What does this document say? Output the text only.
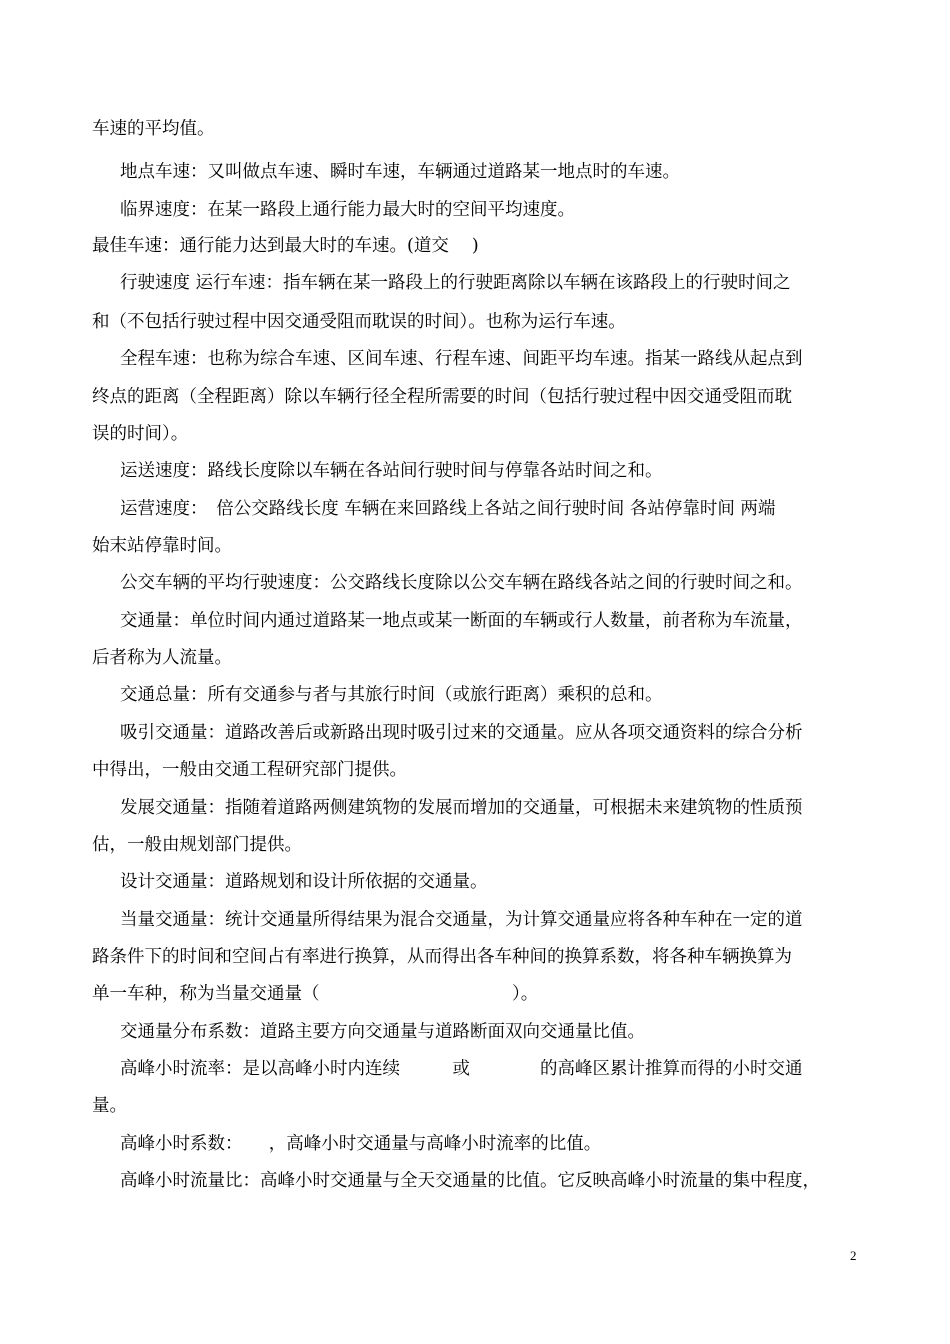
车速的平均值。
地点车速：又叫做点车速、瞬时车速，车辆通过道路某一地点时的车速。
临界速度：在某一路段上通行能力最大时的空间平均速度。
最佳车速：通行能力达到最大时的车速。(道交　 )
行驶速度 运行车速：指车辆在某一路段上的行驶距离除以车辆在该路段上的行驶时间之
和（不包括行驶过程中因交通受阻而耽误的时间）。也称为运行车速。
全程车速：也称为综合车速、区间车速、行程车速、间距平均车速。指某一路线从起点到
终点的距离（全程距离）除以车辆行径全程所需要的时间（包括行驶过程中因交通受阻而耽
误的时间）。
运送速度：路线长度除以车辆在各站间行驶时间与停靠各站时间之和。
运营速度：　倍公交路线长度 车辆在来回路线上各站之间行驶时间 各站停靠时间 两端
始末站停靠时间。
公交车辆的平均行驶速度：公交路线长度除以公交车辆在路线各站之间的行驶时间之和。
交通量：单位时间内通过道路某一地点或某一断面的车辆或行人数量，前者称为车流量，
后者称为人流量。
交通总量：所有交通参与者与其旅行时间（或旅行距离）乘积的总和。
吸引交通量：道路改善后或新路出现时吸引过来的交通量。应从各项交通资料的综合分析
中得出，一般由交通工程研究部门提供。
发展交通量：指随着道路两侧建筑物的发展而增加的交通量，可根据未来建筑物的性质预
估，一般由规划部门提供。
设计交通量：道路规划和设计所依据的交通量。
当量交通量：统计交通量所得结果为混合交通量，为计算交通量应将各种车种在一定的道
路条件下的时间和空间占有率进行换算，从而得出各车种间的换算系数，将各种车辆换算为
单一车种，称为当量交通量（　　　　　　　　　　　）。
交通量分布系数：道路主要方向交通量与道路断面双向交通量比值。
高峰小时流率：是以高峰小时内连续　　　或　　　　的高峰区累计推算而得的小时交通
量。
高峰小时系数：　　，高峰小时交通量与高峰小时流率的比值。
高峰小时流量比：高峰小时交通量与全天交通量的比值。它反映高峰小时流量的集中程度，
2
